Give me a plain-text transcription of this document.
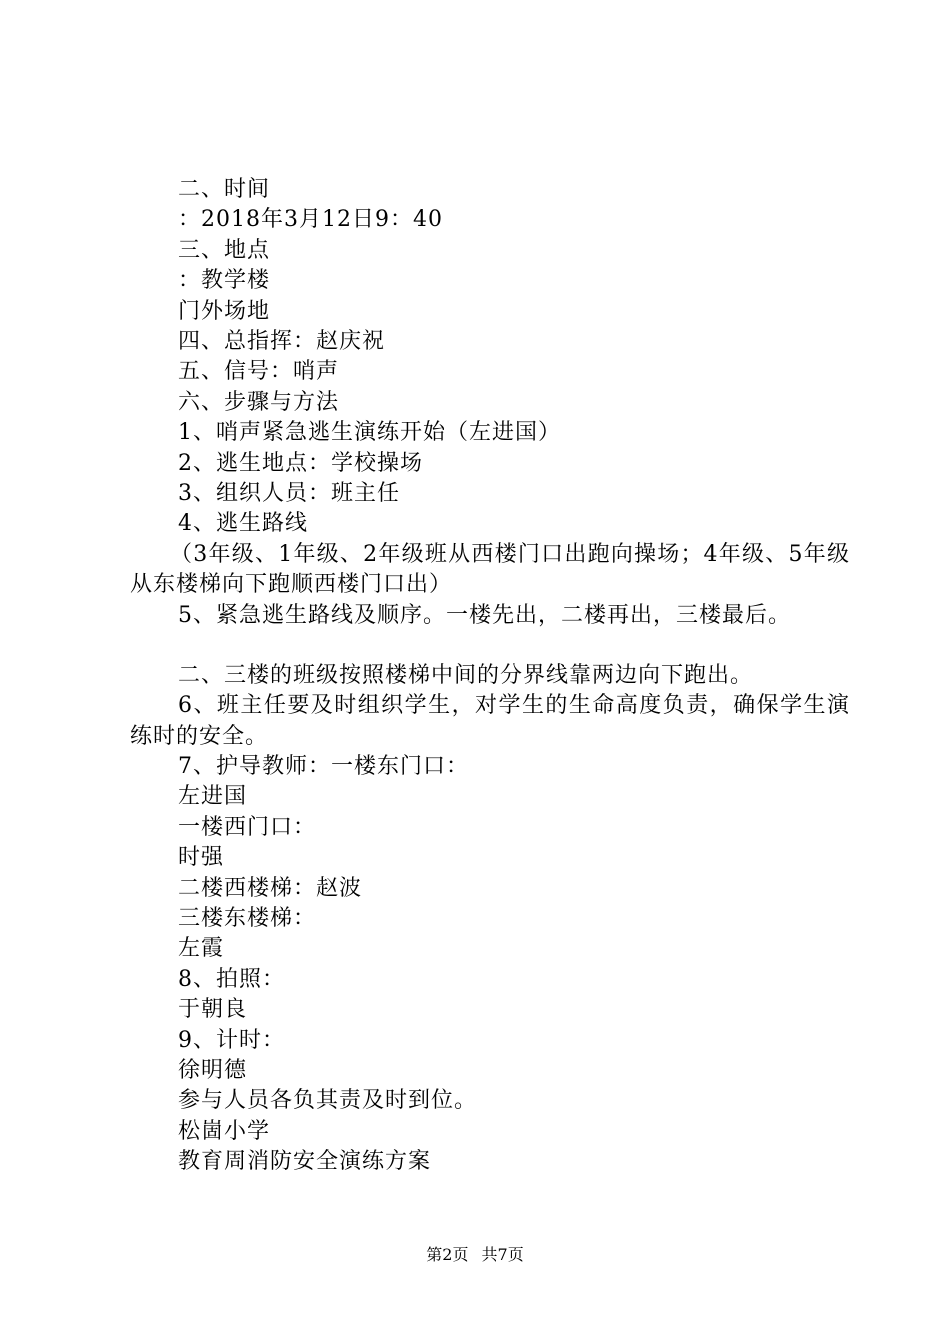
二、时间
：2018年3月12日9：40
三、地点
：教学楼
门外场地
四、总指挥：赵庆祝
五、信号：哨声
六、步骤与方法
1、哨声紧急逃生演练开始（左进国）
2、逃生地点：学校操场
3、组织人员：班主任
4、逃生路线
（3年级、1年级、2年级班从西楼门口出跑向操场；4年级、5年级从东楼梯向下跑顺西楼门口出）
5、紧急逃生路线及顺序。一楼先出，二楼再出，三楼最后。
二、三楼的班级按照楼梯中间的分界线靠两边向下跑出。
6、班主任要及时组织学生，对学生的生命高度负责，确保学生演练时的安全。
7、护导教师：一楼东门口：
左进国
一楼西门口：
时强
二楼西楼梯：赵波
三楼东楼梯：
左霞
8、拍照：
于朝良
9、计时：
徐明德
参与人员各负其责及时到位。
松崮小学
教育周消防安全演练方案
第2页 共7页
